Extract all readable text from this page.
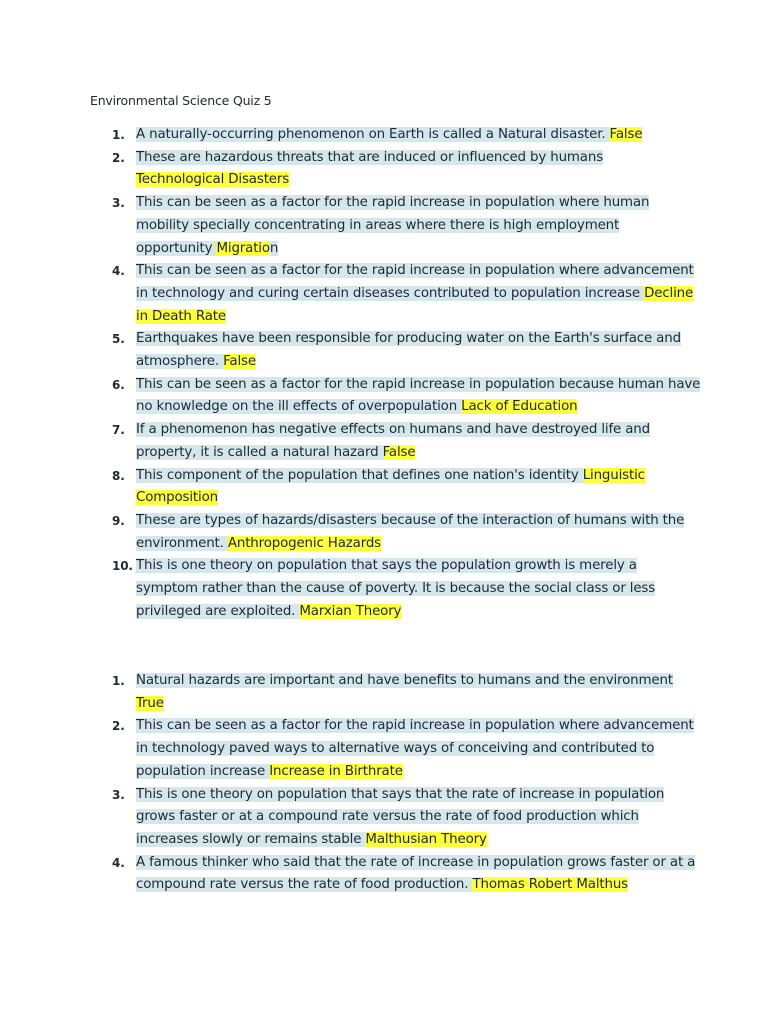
Environmental Science Quiz 5
1. A naturally-occurring phenomenon on Earth is called a Natural disaster. False
2. These are hazardous threats that are induced or influenced by humans
Technological Disasters
3. This can be seen as a factor for the rapid increase in population where human
mobility specially concentrating in areas where there is high employment
opportunity Migration
4. This can be seen as a factor for the rapid increase in population where advancement
in technology and curing certain diseases contributed to population increase Decline
in Death Rate
5. Earthquakes have been responsible for producing water on the Earth's surface and
atmosphere. False
6. This can be seen as a factor for the rapid increase in population because human have
no knowledge on the ill effects of overpopulation Lack of Education
7. If a phenomenon has negative effects on humans and have destroyed life and
property, it is called a natural hazard False
8. This component of the population that defines one nation's identity Linguistic
Composition
9. These are types of hazards/disasters because of the interaction of humans with the
environment. Anthropogenic Hazards
10. This is one theory on population that says the population growth is merely a
symptom rather than the cause of poverty. It is because the social class or less
privileged are exploited. Marxian Theory
1. Natural hazards are important and have benefits to humans and the environment
True
2. This can be seen as a factor for the rapid increase in population where advancement
in technology paved ways to alternative ways of conceiving and contributed to
population increase Increase in Birthrate
3. This is one theory on population that says that the rate of increase in population
grows faster or at a compound rate versus the rate of food production which
increases slowly or remains stable Malthusian Theory
4. A famous thinker who said that the rate of increase in population grows faster or at a
compound rate versus the rate of food production. Thomas Robert Malthus
